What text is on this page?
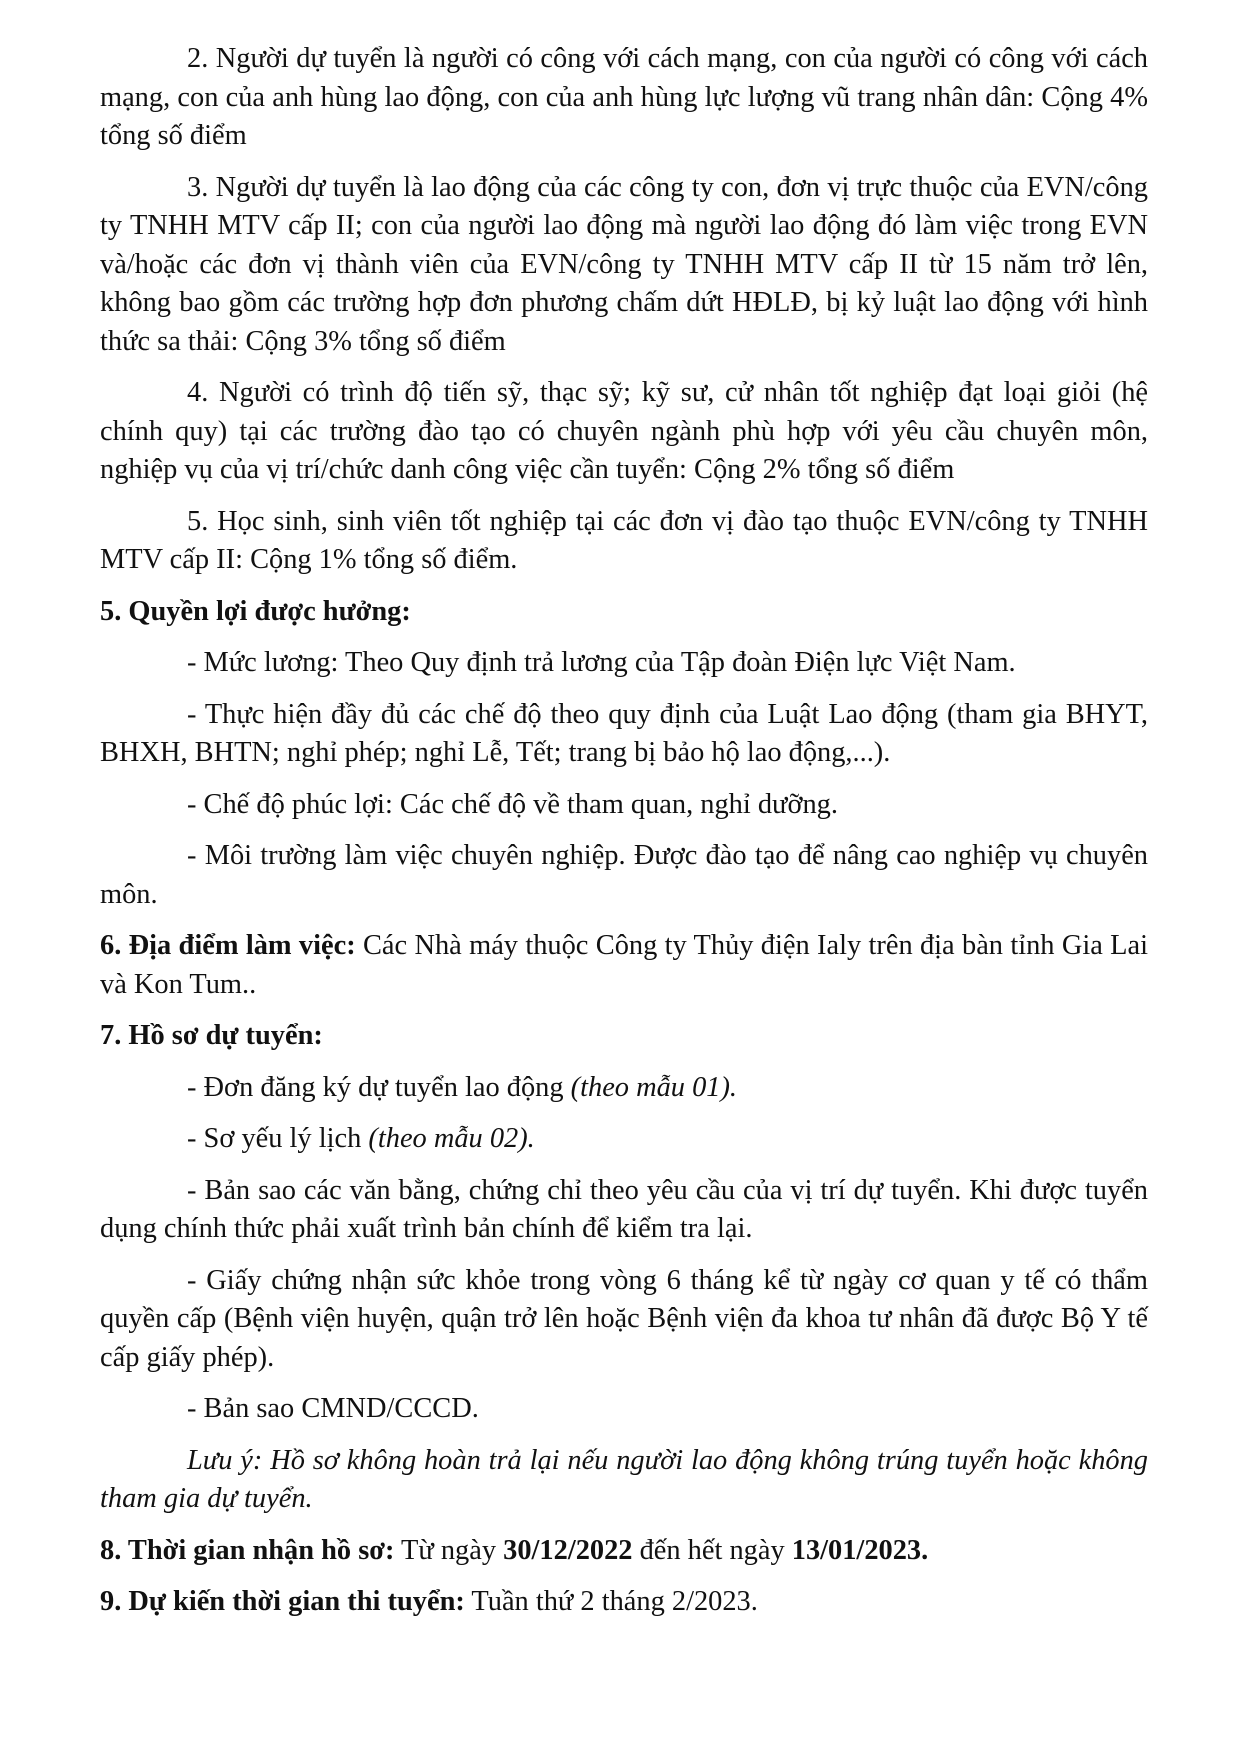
2. Người dự tuyển là người có công với cách mạng, con của người có công với cách mạng, con của anh hùng lao động, con của anh hùng lực lượng vũ trang nhân dân: Cộng 4% tổng số điểm

3. Người dự tuyển là lao động của các công ty con, đơn vị trực thuộc của EVN/công ty TNHH MTV cấp II; con của người lao động mà người lao động đó làm việc trong EVN và/hoặc các đơn vị thành viên của EVN/công ty TNHH MTV cấp II từ 15 năm trở lên, không bao gồm các trường hợp đơn phương chấm dứt HĐLĐ, bị kỷ luật lao động với hình thức sa thải: Cộng 3% tổng số điểm

4. Người có trình độ tiến sỹ, thạc sỹ; kỹ sư, cử nhân tốt nghiệp đạt loại giỏi (hệ chính quy) tại các trường đào tạo có chuyên ngành phù hợp với yêu cầu chuyên môn, nghiệp vụ của vị trí/chức danh công việc cần tuyển: Cộng 2% tổng số điểm

5. Học sinh, sinh viên tốt nghiệp tại các đơn vị đào tạo thuộc EVN/công ty TNHH MTV cấp II: Cộng 1% tổng số điểm.

5. Quyền lợi được hưởng:

- Mức lương: Theo Quy định trả lương của Tập đoàn Điện lực Việt Nam.

- Thực hiện đầy đủ các chế độ theo quy định của Luật Lao động (tham gia BHYT, BHXH, BHTN; nghỉ phép; nghỉ Lễ, Tết; trang bị bảo hộ lao động,...).

- Chế độ phúc lợi: Các chế độ về tham quan, nghỉ dưỡng.

- Môi trường làm việc chuyên nghiệp. Được đào tạo để nâng cao nghiệp vụ chuyên môn.

6. Địa điểm làm việc: Các Nhà máy thuộc Công ty Thủy điện Ialy trên địa bàn tỉnh Gia Lai và Kon Tum..

7. Hồ sơ dự tuyển:

- Đơn đăng ký dự tuyển lao động (theo mẫu 01).

- Sơ yếu lý lịch (theo mẫu 02).

- Bản sao các văn bằng, chứng chỉ theo yêu cầu của vị trí dự tuyển. Khi được tuyển dụng chính thức phải xuất trình bản chính để kiểm tra lại.

- Giấy chứng nhận sức khỏe trong vòng 6 tháng kể từ ngày cơ quan y tế có thẩm quyền cấp (Bệnh viện huyện, quận trở lên hoặc Bệnh viện đa khoa tư nhân đã được Bộ Y tế cấp giấy phép).

- Bản sao CMND/CCCD.

Lưu ý: Hồ sơ không hoàn trả lại nếu người lao động không trúng tuyển hoặc không tham gia dự tuyển.

8. Thời gian nhận hồ sơ: Từ ngày 30/12/2022 đến hết ngày 13/01/2023.

9. Dự kiến thời gian thi tuyển: Tuần thứ 2 tháng 2/2023.
